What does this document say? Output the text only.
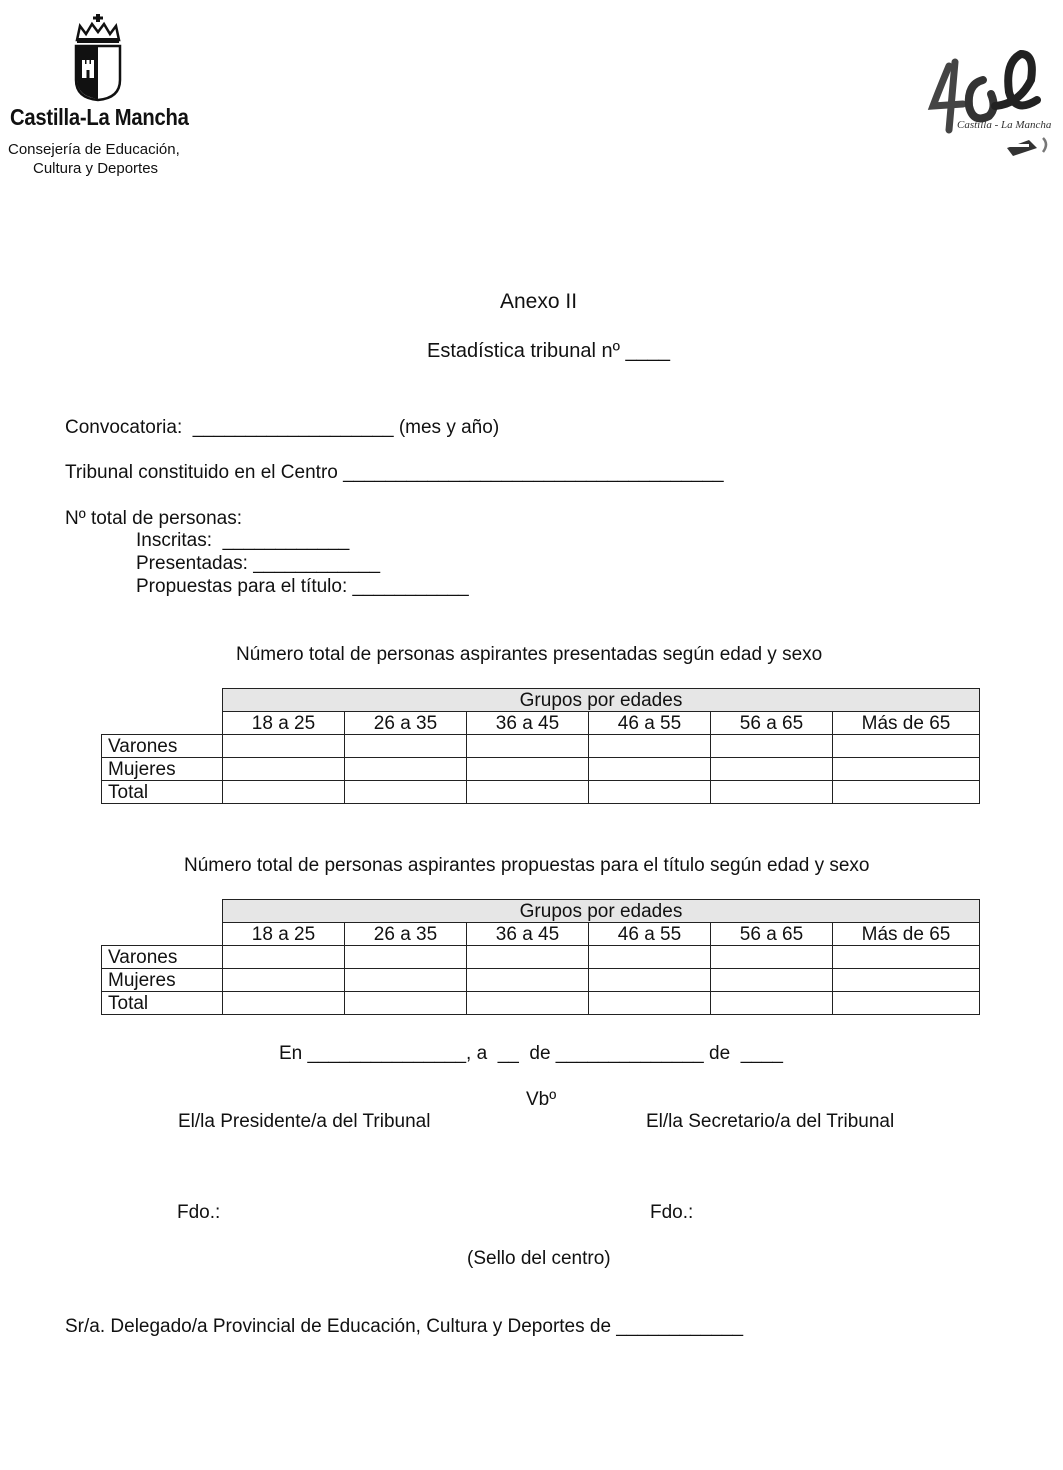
Castilla-La Mancha
Consejería de Educación,
Cultura y Deportes
40 Castilla - La Mancha
Castilla - La Mancha
Anexo II
Estadística tribunal nº ____
Convocatoria:  ___________________ (mes y año)
Tribunal constituido en el Centro ____________________________________
Nº total de personas:
Inscritas:  ____________
Presentadas: ____________
Propuestas para el título: ___________
Número total de personas aspirantes presentadas según edad y sexo
	Grupos por edades					
	18 a 25	26 a 35	36 a 45	46 a 55	56 a 65	Más de 65
Varones						
Mujeres						
Total						
Número total de personas aspirantes propuestas para el título según edad y sexo
	Grupos por edades					
	18 a 25	26 a 35	36 a 45	46 a 55	56 a 65	Más de 65
Varones						
Mujeres						
Total						
En _______________, a  __  de ______________ de  ____
Vbº
El/la Presidente/a del Tribunal	El/la Secretario/a del Tribunal
Fdo.:	Fdo.:
(Sello del centro)
Sr/a. Delegado/a Provincial de Educación, Cultura y Deportes de ____________
